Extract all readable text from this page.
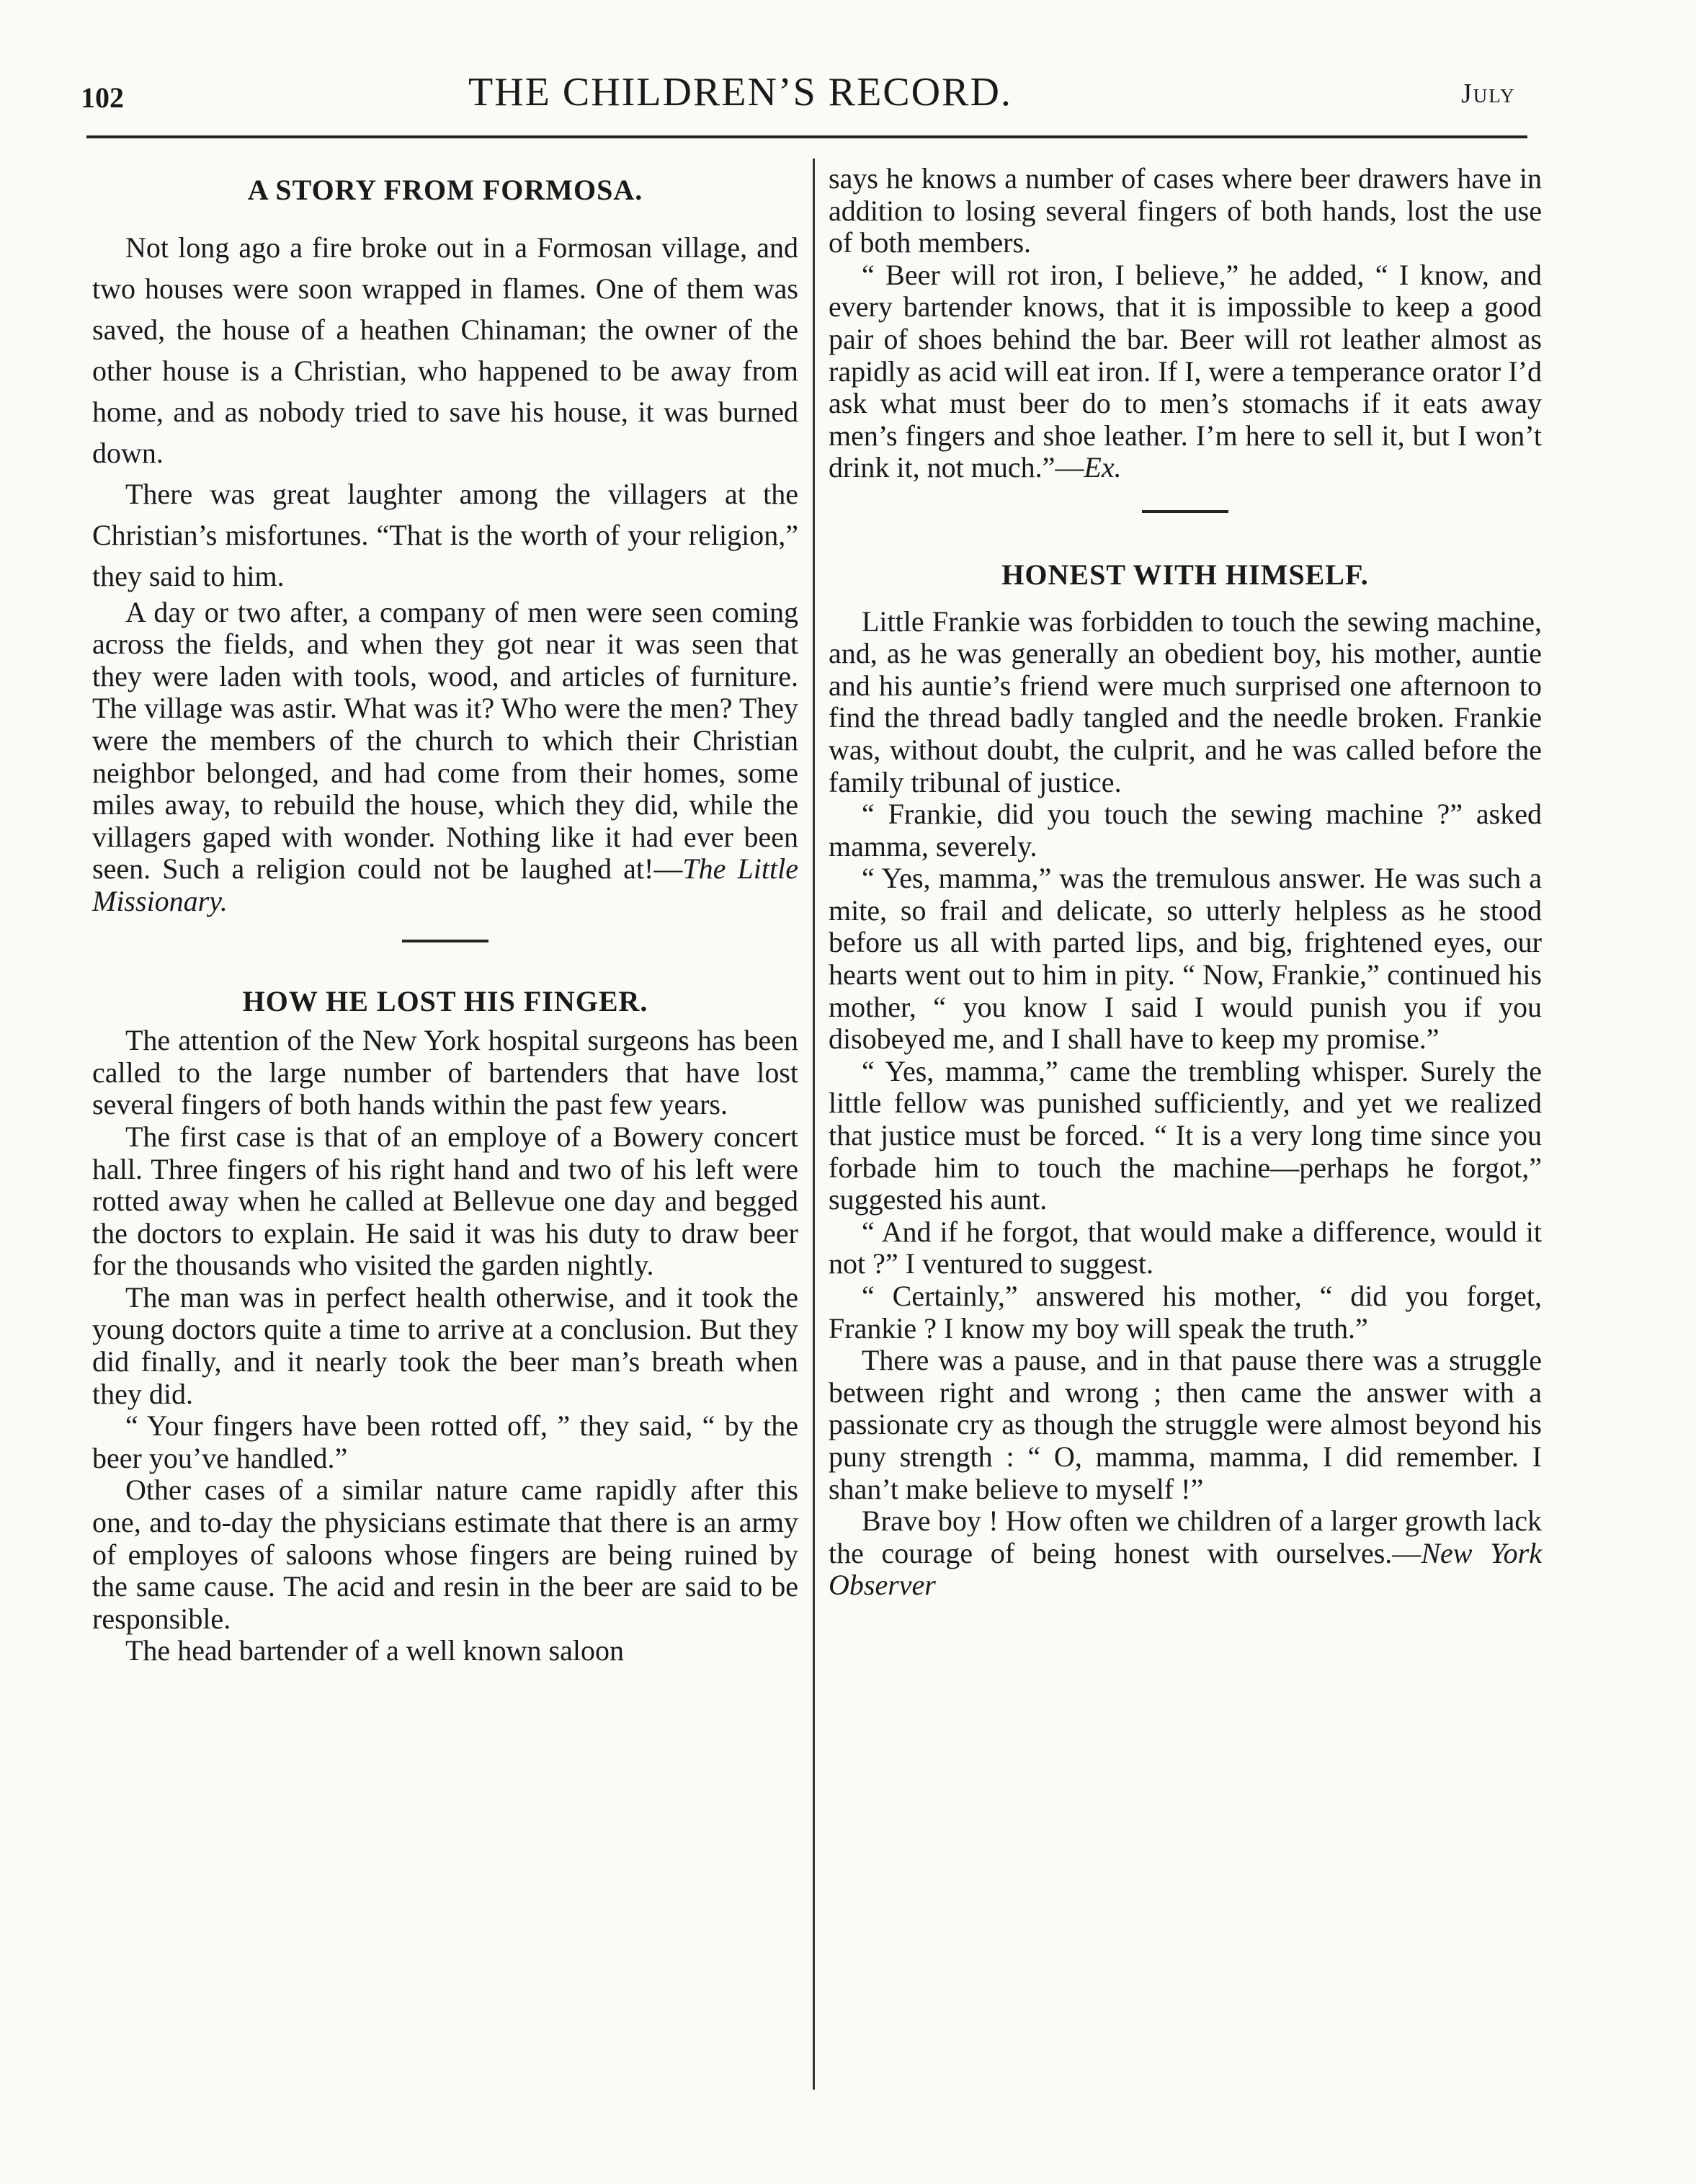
102	THE CHILDREN’S RECORD.	July
A STORY FROM FORMOSA.

Not long ago a fire broke out in a Formosan village, and two houses were soon wrapped in flames. One of them was saved, the house of a heathen Chinaman; the owner of the other house is a Christian, who happened to be away from home, and as nobody tried to save his house, it was burned down.

There was great laughter among the villagers at the Christian’s misfortunes. “That is the worth of your religion,” they said to him.

A day or two after, a company of men were seen coming across the fields, and when they got near it was seen that they were laden with tools, wood, and articles of furniture. The village was astir. What was it? Who were the men? They were the members of the church to which their Christian neighbor belonged, and had come from their homes, some miles away, to rebuild the house, which they did, while the villagers gaped with wonder. Nothing like it had ever been seen. Such a religion could not be laughed at!—The Little Missionary.

HOW HE LOST HIS FINGER.

The attention of the New York hospital surgeons has been called to the large number of bartenders that have lost several fingers of both hands within the past few years.

The first case is that of an employe of a Bowery concert hall. Three fingers of his right hand and two of his left were rotted away when he called at Bellevue one day and begged the doctors to explain. He said it was his duty to draw beer for the thousands who visited the garden nightly.

The man was in perfect health otherwise, and it took the young doctors quite a time to arrive at a conclusion. But they did finally, and it nearly took the beer man’s breath when they did.

“ Your fingers have been rotted off, ” they said, “ by the beer you’ve handled.”

Other cases of a similar nature came rapidly after this one, and to-day the physicians estimate that there is an army of employes of saloons whose fingers are being ruined by the same cause. The acid and resin in the beer are said to be responsible.

The head bartender of a well known saloon

says he knows a number of cases where beer drawers have in addition to losing several fingers of both hands, lost the use of both members.

“ Beer will rot iron, I believe,” he added, “ I know, and every bartender knows, that it is impossible to keep a good pair of shoes behind the bar. Beer will rot leather almost as rapidly as acid will eat iron. If I, were a temperance orator I’d ask what must beer do to men’s stomachs if it eats away men’s fingers and shoe leather. I’m here to sell it, but I won’t drink it, not much.”—Ex.

HONEST WITH HIMSELF.

Little Frankie was forbidden to touch the sewing machine, and, as he was generally an obedient boy, his mother, auntie and his auntie’s friend were much surprised one afternoon to find the thread badly tangled and the needle broken. Frankie was, without doubt, the culprit, and he was called before the family tribunal of justice.

“ Frankie, did you touch the sewing machine ?” asked mamma, severely.

“ Yes, mamma,” was the tremulous answer. He was such a mite, so frail and delicate, so utterly helpless as he stood before us all with parted lips, and big, frightened eyes, our hearts went out to him in pity. “ Now, Frankie,” continued his mother, “ you know I said I would punish you if you disobeyed me, and I shall have to keep my promise.”

“ Yes, mamma,” came the trembling whisper. Surely the little fellow was punished sufficiently, and yet we realized that justice must be forced. “ It is a very long time since you forbade him to touch the machine—perhaps he forgot,” suggested his aunt.

“ And if he forgot, that would make a difference, would it not ?” I ventured to suggest.

“ Certainly,” answered his mother, “ did you forget, Frankie ? I know my boy will speak the truth.”

There was a pause, and in that pause there was a struggle between right and wrong ; then came the answer with a passionate cry as though the struggle were almost beyond his puny strength : “ O, mamma, mamma, I did remember. I shan’t make believe to myself !”

Brave boy ! How often we children of a larger growth lack the courage of being honest with ourselves.—New York Observer
